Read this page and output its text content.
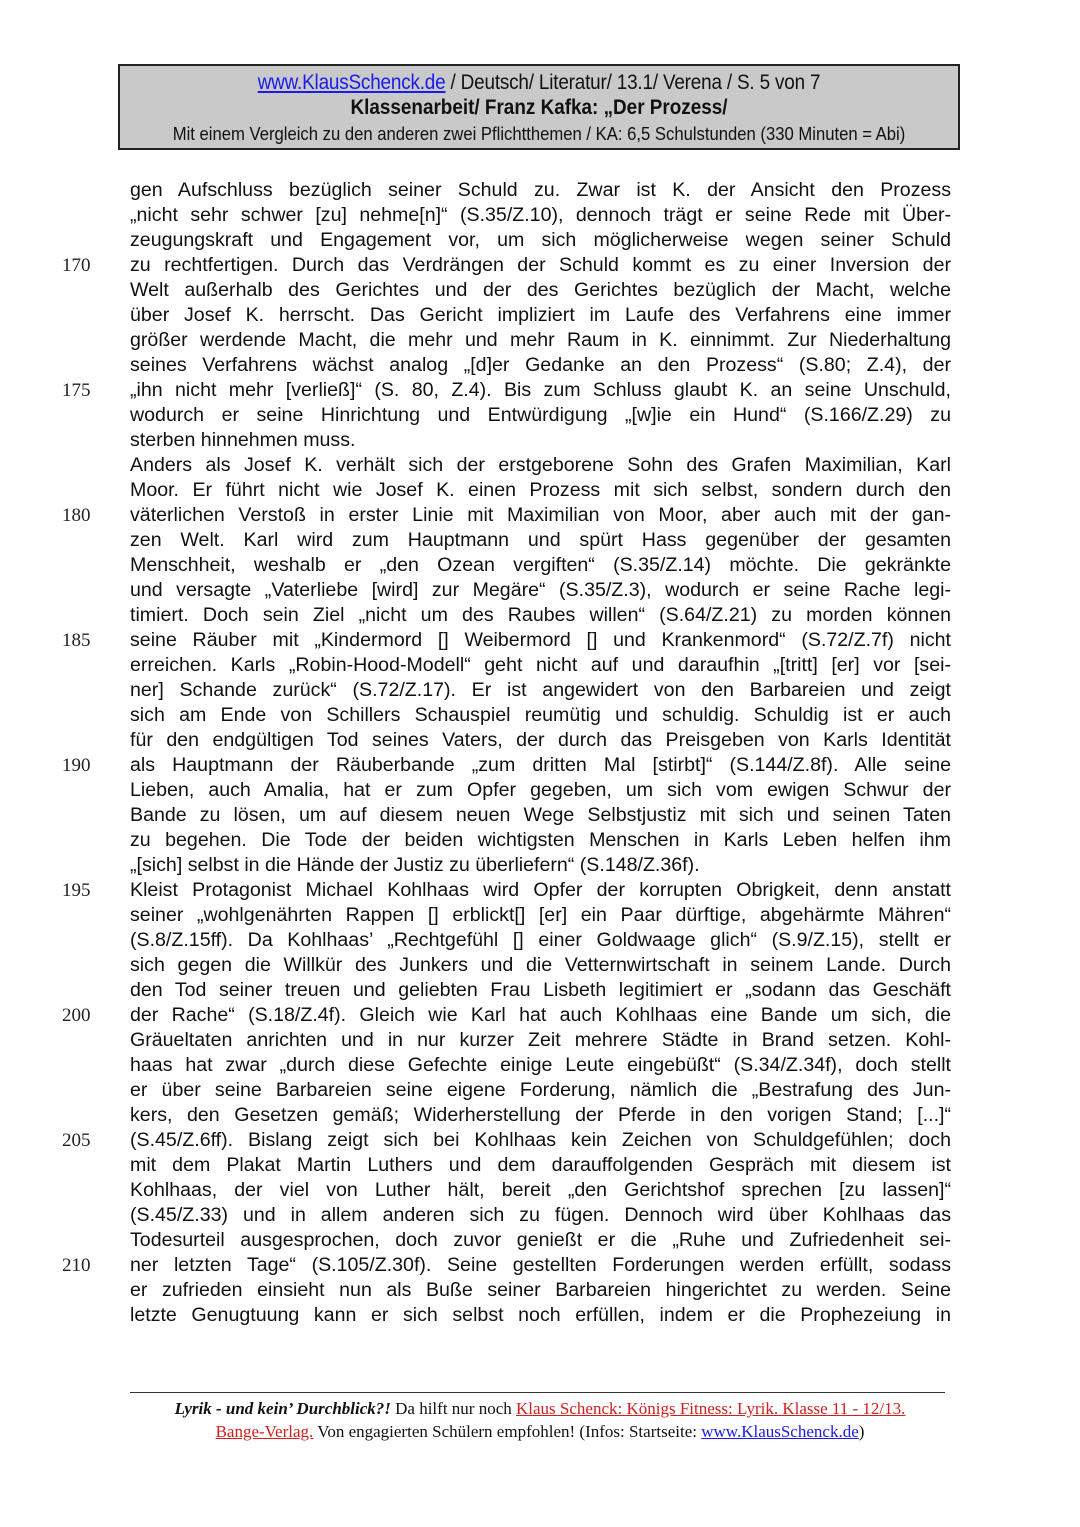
www.KlausSchenck.de / Deutsch/ Literatur/ 13.1/ Verena / S. 5 von 7
Klassenarbeit/ Franz Kafka: „Der Prozess/
Mit einem Vergleich zu den anderen zwei Pflichtthemen / KA: 6,5 Schulstunden (330 Minuten = Abi)
gen Aufschluss bezüglich seiner Schuld zu. Zwar ist K. der Ansicht den Prozess
„nicht sehr schwer [zu] nehme[n]“ (S.35/Z.10), dennoch trägt er seine Rede mit Über-
zeugungskraft und Engagement vor, um sich möglicherweise wegen seiner Schuld
170 zu rechtfertigen. Durch das Verdrängen der Schuld kommt es zu einer Inversion der
Welt außerhalb des Gerichtes und der des Gerichtes bezüglich der Macht, welche
über Josef K. herrscht. Das Gericht impliziert im Laufe des Verfahrens eine immer
größer werdende Macht, die mehr und mehr Raum in K. einnimmt. Zur Niederhaltung
seines Verfahrens wächst analog „[d]er Gedanke an den Prozess“ (S.80; Z.4), der
175 „ihn nicht mehr [verließ]“ (S. 80, Z.4). Bis zum Schluss glaubt K. an seine Unschuld,
wodurch er seine Hinrichtung und Entwürdigung „[w]ie ein Hund“ (S.166/Z.29) zu
sterben hinnehmen muss.
Anders als Josef K. verhält sich der erstgeborene Sohn des Grafen Maximilian, Karl
Moor. Er führt nicht wie Josef K. einen Prozess mit sich selbst, sondern durch den
180 väterlichen Verstoß in erster Linie mit Maximilian von Moor, aber auch mit der gan-
zen Welt. Karl wird zum Hauptmann und spürt Hass gegenüber der gesamten
Menschheit, weshalb er „den Ozean vergiften“ (S.35/Z.14) möchte. Die gekränkte
und versagte „Vaterliebe [wird] zur Megäre“ (S.35/Z.3), wodurch er seine Rache legi-
timiert. Doch sein Ziel „nicht um des Raubes willen“ (S.64/Z.21) zu morden können
185 seine Räuber mit „Kindermord [] Weibermord [] und Krankenmord“ (S.72/Z.7f) nicht
erreichen. Karls „Robin-Hood-Modell“ geht nicht auf und daraufhin „[tritt] [er] vor [sei-
ner] Schande zurück“ (S.72/Z.17). Er ist angewidert von den Barbareien und zeigt
sich am Ende von Schillers Schauspiel reumütig und schuldig. Schuldig ist er auch
für den endgültigen Tod seines Vaters, der durch das Preisgeben von Karls Identität
190 als Hauptmann der Räuberbande „zum dritten Mal [stirbt]“ (S.144/Z.8f). Alle seine
Lieben, auch Amalia, hat er zum Opfer gegeben, um sich vom ewigen Schwur der
Bande zu lösen, um auf diesem neuen Wege Selbstjustiz mit sich und seinen Taten
zu begehen. Die Tode der beiden wichtigsten Menschen in Karls Leben helfen ihm
„[sich] selbst in die Hände der Justiz zu überliefern“ (S.148/Z.36f).
195 Kleist Protagonist Michael Kohlhaas wird Opfer der korrupten Obrigkeit, denn anstatt
seiner „wohlgenährten Rappen [] erblickt[] [er] ein Paar dürftige, abgehärmte Mähren“
(S.8/Z.15ff). Da Kohlhaas’ „Rechtgefühl [] einer Goldwaage glich“ (S.9/Z.15), stellt er
sich gegen die Willkür des Junkers und die Vetternwirtschaft in seinem Lande. Durch
den Tod seiner treuen und geliebten Frau Lisbeth legitimiert er „sodann das Geschäft
200 der Rache“ (S.18/Z.4f). Gleich wie Karl hat auch Kohlhaas eine Bande um sich, die
Gräueltaten anrichten und in nur kurzer Zeit mehrere Städte in Brand setzen. Kohl-
haas hat zwar „durch diese Gefechte einige Leute eingebüßt“ (S.34/Z.34f), doch stellt
er über seine Barbareien seine eigene Forderung, nämlich die „Bestrafung des Jun-
kers, den Gesetzen gemäß; Widerherstellung der Pferde in den vorigen Stand; [...]“
205 (S.45/Z.6ff). Bislang zeigt sich bei Kohlhaas kein Zeichen von Schuldgefühlen; doch
mit dem Plakat Martin Luthers und dem darauffolgenden Gespräch mit diesem ist
Kohlhaas, der viel von Luther hält, bereit „den Gerichtshof sprechen [zu lassen]“
(S.45/Z.33) und in allem anderen sich zu fügen. Dennoch wird über Kohlhaas das
Todesurteil ausgesprochen, doch zuvor genießt er die „Ruhe und Zufriedenheit sei-
210 ner letzten Tage“ (S.105/Z.30f). Seine gestellten Forderungen werden erfüllt, sodass
er zufrieden einsieht nun als Buße seiner Barbareien hingerichtet zu werden. Seine
letzte Genugtuung kann er sich selbst noch erfüllen, indem er die Prophezeiung in
Lyrik - und kein’ Durchblick?! Da hilft nur noch Klaus Schenck: Königs Fitness: Lyrik. Klasse 11 - 12/13.
Bange-Verlag. Von engagierten Schülern empfohlen! (Infos: Startseite: www.KlausSchenck.de)
